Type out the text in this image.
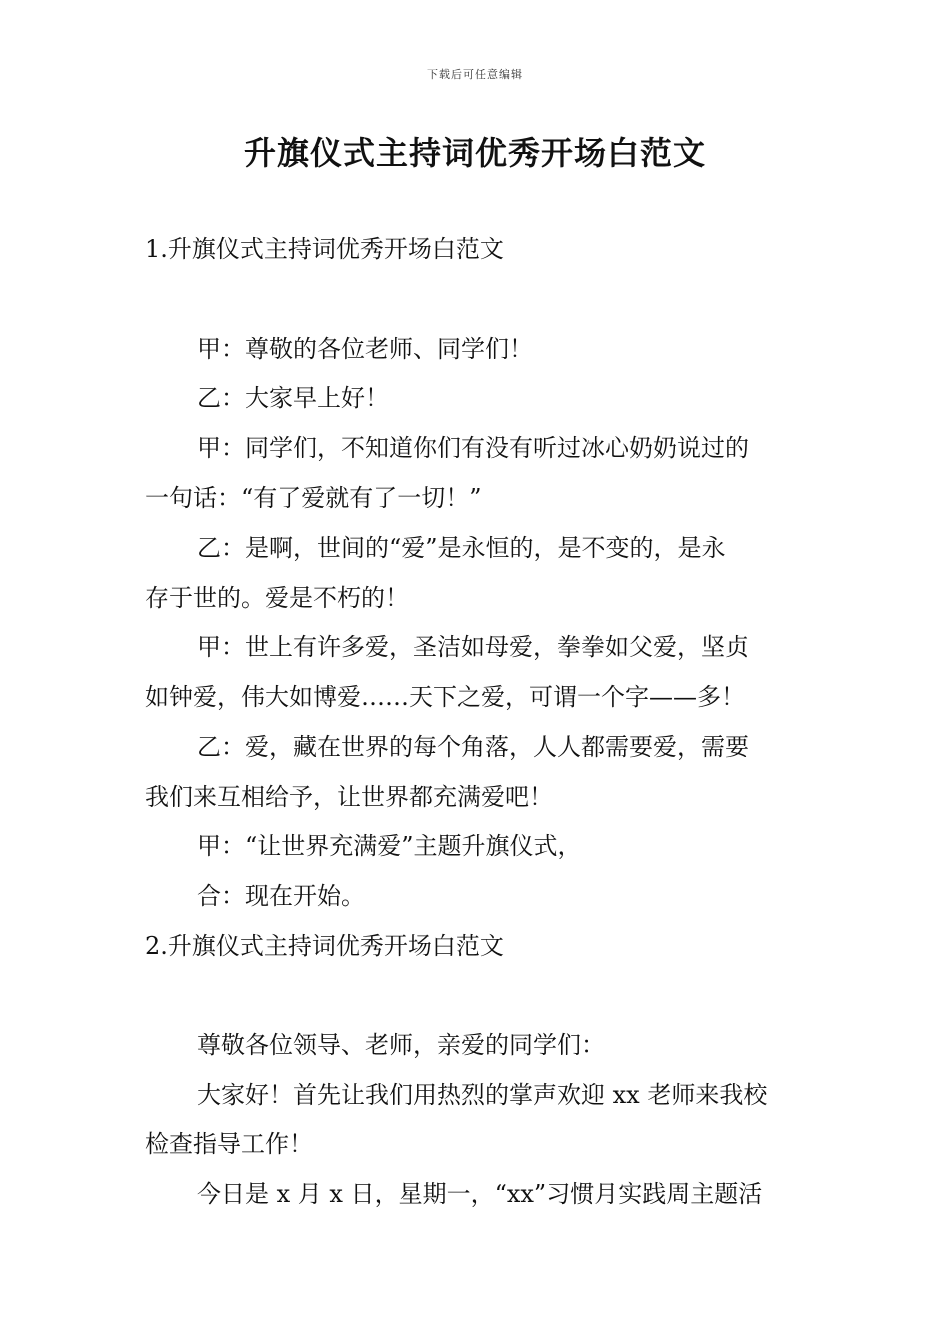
下载后可任意编辑
升旗仪式主持词优秀开场白范文
1.升旗仪式主持词优秀开场白范文
甲：尊敬的各位老师、同学们！
乙：大家早上好！
甲：同学们，不知道你们有没有听过冰心奶奶说过的
一句话：“有了爱就有了一切！”
乙：是啊，世间的“爱”是永恒的，是不变的，是永
存于世的。爱是不朽的！
甲：世上有许多爱，圣洁如母爱，拳拳如父爱，坚贞
如钟爱，伟大如博爱……天下之爱，可谓一个字——多！
乙：爱，藏在世界的每个角落，人人都需要爱，需要
我们来互相给予，让世界都充满爱吧！
甲：“让世界充满爱”主题升旗仪式，
合：现在开始。
2.升旗仪式主持词优秀开场白范文
尊敬各位领导、老师，亲爱的同学们：
大家好！首先让我们用热烈的掌声欢迎 xx 老师来我校
检查指导工作！
今日是 x 月 x 日，星期一，“xx”习惯月实践周主题活
